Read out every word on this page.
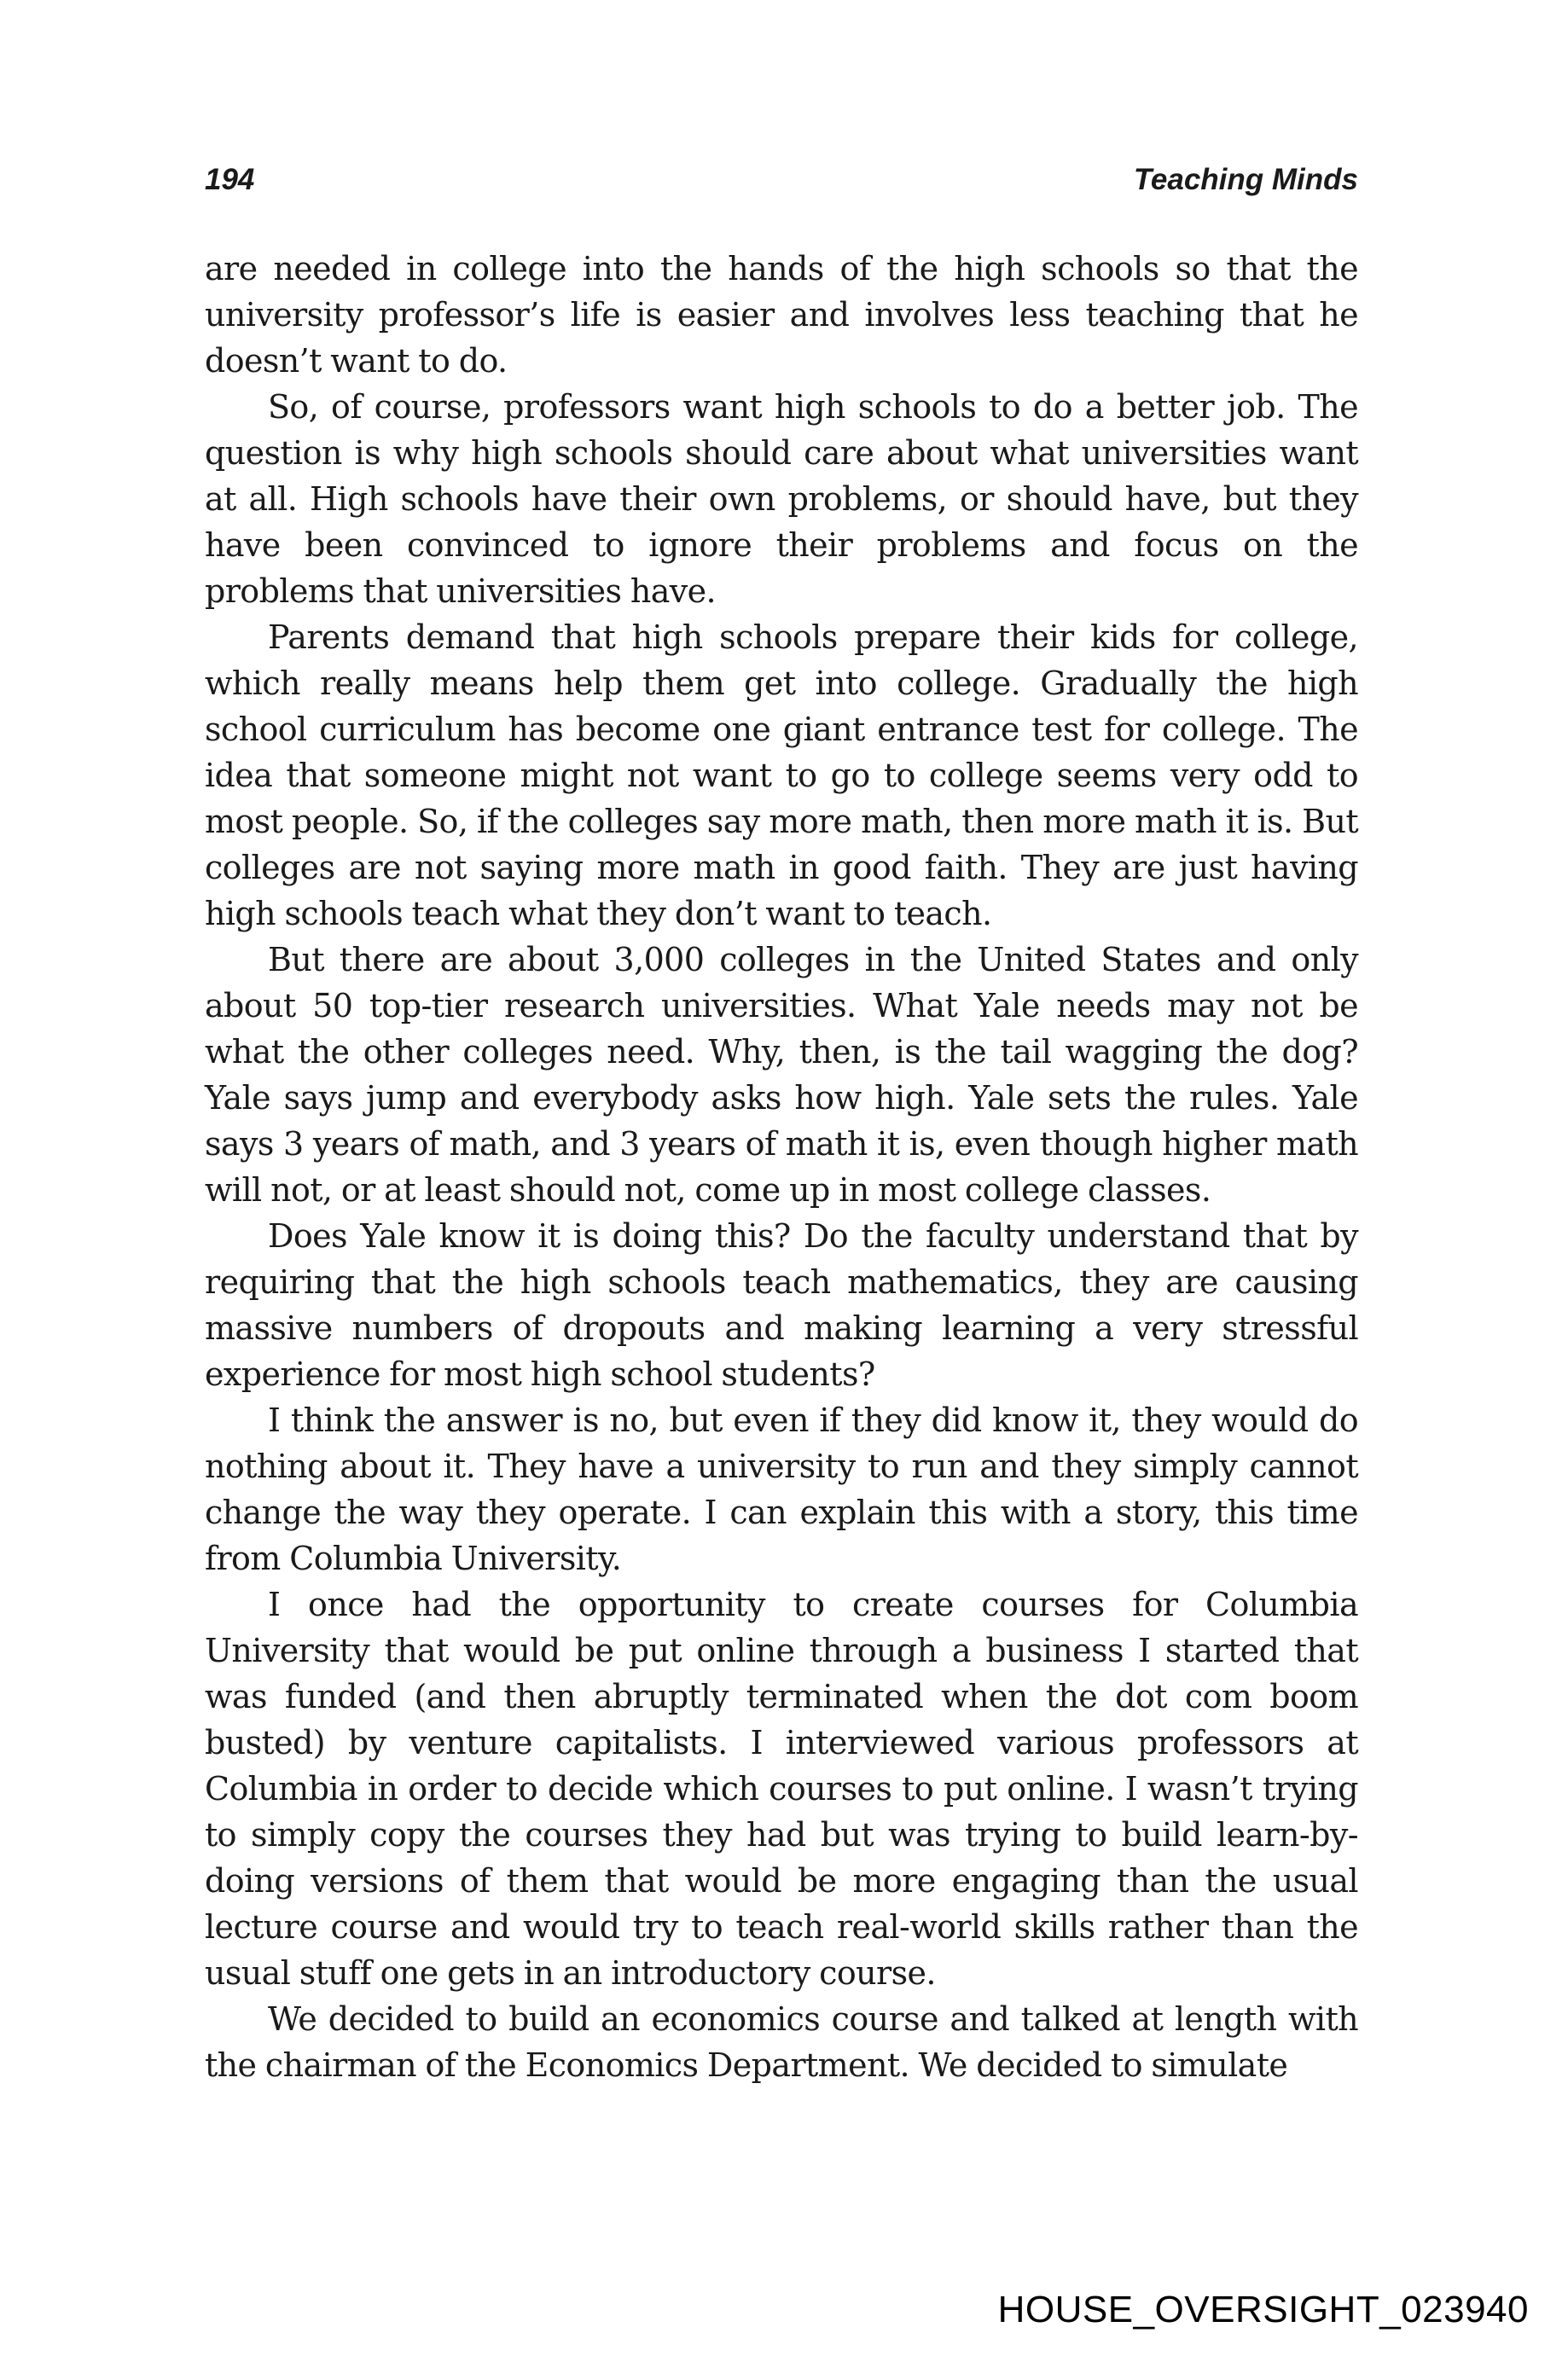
194	Teaching Minds

are needed in college into the hands of the high schools so that the university professor’s life is easier and involves less teaching that he doesn’t want to do.

So, of course, professors want high schools to do a better job. The question is why high schools should care about what universities want at all. High schools have their own problems, or should have, but they have been convinced to ignore their problems and focus on the problems that universities have.

Parents demand that high schools prepare their kids for college, which really means help them get into college. Gradually the high school curriculum has become one giant entrance test for college. The idea that someone might not want to go to college seems very odd to most people. So, if the colleges say more math, then more math it is. But colleges are not saying more math in good faith. They are just having high schools teach what they don’t want to teach.

But there are about 3,000 colleges in the United States and only about 50 top-tier research universities. What Yale needs may not be what the other colleges need. Why, then, is the tail wagging the dog? Yale says jump and everybody asks how high. Yale sets the rules. Yale says 3 years of math, and 3 years of math it is, even though higher math will not, or at least should not, come up in most college classes.

Does Yale know it is doing this? Do the faculty understand that by requiring that the high schools teach mathematics, they are causing massive numbers of dropouts and making learning a very stressful experience for most high school students?

I think the answer is no, but even if they did know it, they would do nothing about it. They have a university to run and they simply cannot change the way they operate. I can explain this with a story, this time from Columbia University.

I once had the opportunity to create courses for Columbia University that would be put online through a business I started that was funded (and then abruptly terminated when the dot com boom busted) by venture capitalists. I interviewed various professors at Columbia in order to decide which courses to put online. I wasn’t trying to simply copy the courses they had but was trying to build learn-by-doing versions of them that would be more engaging than the usual lecture course and would try to teach real-world skills rather than the usual stuff one gets in an introductory course.

We decided to build an economics course and talked at length with the chairman of the Economics Department. We decided to simulate

HOUSE_OVERSIGHT_023940
